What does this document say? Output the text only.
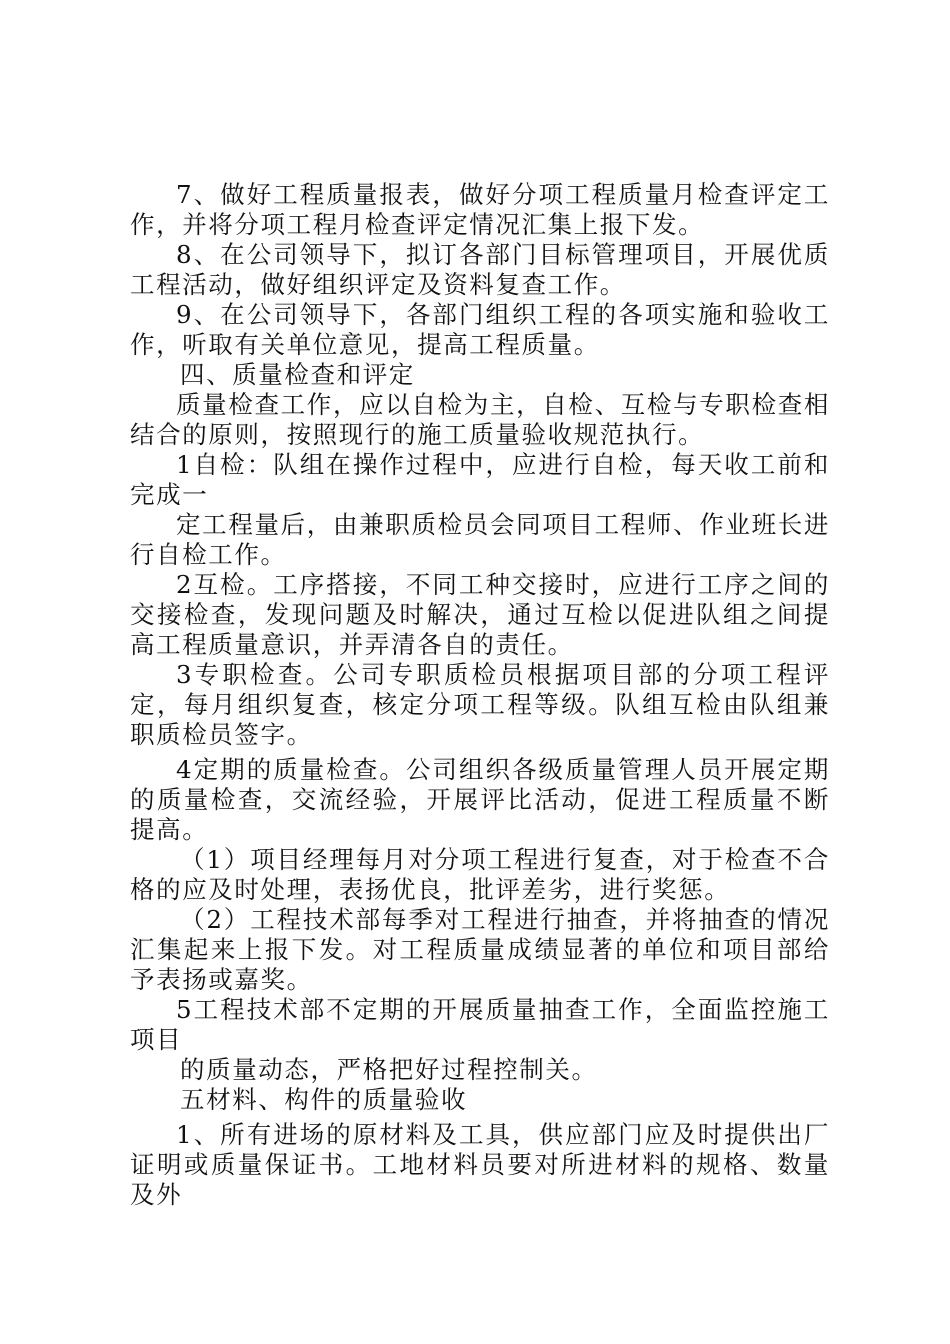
7、做好工程质量报表，做好分项工程质量月检查评定工作，并将分项工程月检查评定情况汇集上报下发。

8、在公司领导下，拟订各部门目标管理项目，开展优质工程活动，做好组织评定及资料复查工作。

9、在公司领导下，各部门组织工程的各项实施和验收工作，听取有关单位意见，提高工程质量。

四、质量检查和评定

质量检查工作，应以自检为主，自检、互检与专职检查相结合的原则，按照现行的施工质量验收规范执行。

1自检：队组在操作过程中，应进行自检，每天收工前和完成一

定工程量后，由兼职质检员会同项目工程师、作业班长进行自检工作。

2互检。工序搭接，不同工种交接时，应进行工序之间的交接检查，发现问题及时解决，通过互检以促进队组之间提高工程质量意识，并弄清各自的责任。

3专职检查。公司专职质检员根据项目部的分项工程评定，每月组织复查，核定分项工程等级。队组互检由队组兼职质检员签字。

4定期的质量检查。公司组织各级质量管理人员开展定期的质量检查，交流经验，开展评比活动，促进工程质量不断提高。

（1）项目经理每月对分项工程进行复查，对于检查不合格的应及时处理，表扬优良，批评差劣，进行奖惩。

（2）工程技术部每季对工程进行抽查，并将抽查的情况汇集起来上报下发。对工程质量成绩显著的单位和项目部给予表扬或嘉奖。

5工程技术部不定期的开展质量抽查工作，全面监控施工项目

的质量动态，严格把好过程控制关。

五材料、构件的质量验收

1、所有进场的原材料及工具，供应部门应及时提供出厂证明或质量保证书。工地材料员要对所进材料的规格、数量及外
